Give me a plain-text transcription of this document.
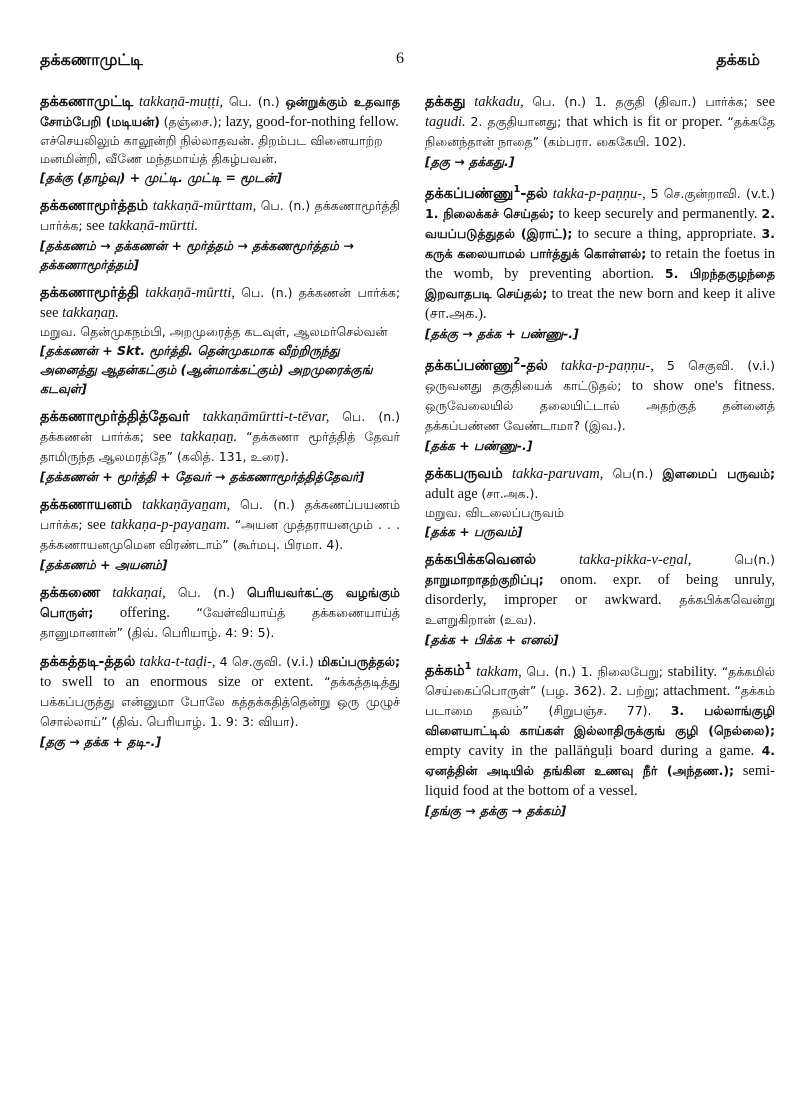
தக்கணாமுட்டி	6	தக்கம்

தக்கணாமுட்டி takkaṇā-muṭṭi, பெ. (n.) ஒன்றுக்கும் உதவாத சோம்பேறி (மடியன்) (தஞ்சை.); lazy, good-for-nothing fellow.

எச்செயலிலும் காலூன்றி நில்லாதவன். திறம்பட வினையாற்ற மனமின்றி, வீணே மந்தமாய்த் திகழ்பவன்.

[தக்கு (தாழ்வு) + முட்டி. முட்டி = மூடன்]

தக்கணாமூர்த்தம் takkaṇā-mūrttam, பெ. (n.) தக்கணாமூர்த்தி பார்க்க; see takkaṇā-mūrtti.

[தக்கணம் → தக்கணன் + மூர்த்தம் → தக்கணமூர்த்தம் → தக்கணாமூர்த்தம்]

தக்கணாமூர்த்தி takkaṇā-mūrtti, பெ. (n.) தக்கணன் பார்க்க; see takkaṇaṉ.

மறுவ. தென்முகநம்பி, அறமுரைத்த கடவுள், ஆலமர்செல்வன்

[தக்கணன் + Skt. மூர்த்தி. தென்முகமாக வீற்றிருந்து அனைத்து ஆதன்கட்கும் (ஆன்மாக்கட்கும்) அறமுரைக்குங் கடவுள்]

தக்கணாமூர்த்தித்தேவர் takkaṇāmūrtti-t-tēvar, பெ. (n.) தக்கணன் பார்க்க; see takkaṇaṉ. “தக்கணா மூர்த்தித் தேவர் தாமிருந்த ஆலமரத்தே” (கலித். 131, உரை).

[தக்கணன் + மூர்த்தி + தேவர் → தக்கணாமூர்த்தித்தேவர்]

தக்கணாயனம் takkaṇāyaṉam, பெ. (n.) தக்கணப்பயணம் பார்க்க; see takkaṇa-p-payaṉam. “அயன முத்தராயனமும் . . . தக்கணாயனமுமென விரண்டாம்” (கூர்மபு. பிரமா. 4).

[தக்கணம் + அயனம்]

தக்கணை takkaṇai, பெ. (n.) பெரியவர்கட்கு வழங்கும் பொருள்; offering. “வேள்வியாய்த் தக்கணையாய்த் தானுமானான்” (திவ். பெரியாழ். 4: 9: 5).

தக்கத்தடி-த்தல் takka-t-taḍi-, 4 செ.குவி. (v.i.) மிகப்பருத்தல்; to swell to an enormous size or extent. “தக்கத்தடித்து பக்கப்பருத்து என்னுமா போலே கத்தக்கதித்தென்று ஒரு முழுச் சொல்லாய்” (திவ். பெரியாழ். 1. 9: 3: வியா).

[தகு → தக்க + தடி-.]

தக்கது takkadu, பெ. (n.) 1. தகுதி (திவா.) பார்க்க; see tagudi. 2. தகுதியானது; that which is fit or proper. “தக்கதே நினைந்தான் நாதை” (கம்பரா. கைகேயி. 102).

[தகு → தக்கது.]

தக்கப்பண்ணு$^1$-தல் takka-p-paṇṇu-, 5 செ.குன்றாவி. (v.t.) 1. நிலைக்கச் செய்தல்; to keep securely and permanently. 2. வயப்படுத்துதல் (இராட்); to secure a thing, appropriate. 3. கருக் கலையாமல் பார்த்துக் கொள்ளல்; to retain the foetus in the womb, by preventing abortion. 5. பிறந்தகுழந்தை இறவாதபடி செய்தல்; to treat the new born and keep it alive (சா.அக.).

[தக்கு → தக்க + பண்ணு-.]

தக்கப்பண்ணு$^2$-தல் takka-p-paṇṇu-, 5 செகுவி. (v.i.) ஒருவனது தகுதியைக் காட்டுதல்; to show one's fitness. ஒருவேலையில் தலையிட்டால் அதற்குத் தன்னைத் தக்கப்பண்ண வேண்டாமா? (இவ.).

[தக்க + பண்ணு-.]

தக்கபருவம் takka-paruvam, பெ(n.) இளமைப் பருவம்; adult age (சா.அக.).

மறுவ. விடலைப்பருவம்

[தக்க + பருவம்]

தக்கபிக்கவெனல்	takka-pikka-v-eṉal,	பெ(n.) தாறுமாறாதற்குறிப்பு; onom. expr. of being unruly, disorderly, improper or awkward. தக்கபிக்கவென்று உளறுகிறான் (உவ).

[தக்க + பிக்க + எனல்]

தக்கம்$^1$ takkam, பெ. (n.) 1. நிலைபேறு; stability. “தக்கமில் செய்கைப்பொருள்” (பழ. 362). 2. பற்று; attachment. “தக்கம் படாமை தவம்” (சிறுபஞ்ச. 77). 3. பல்லாங்குழி விளையாட்டில் காய்கள் இல்லாதிருக்குங் குழி (நெல்லை); empty cavity in the pallāṅguḷi board during a game. 4. ஏனத்தின் அடியில் தங்கின உணவு நீர் (அந்தண.); semi-liquid food at the bottom of a vessel.

[தங்கு → தக்கு → தக்கம்]
